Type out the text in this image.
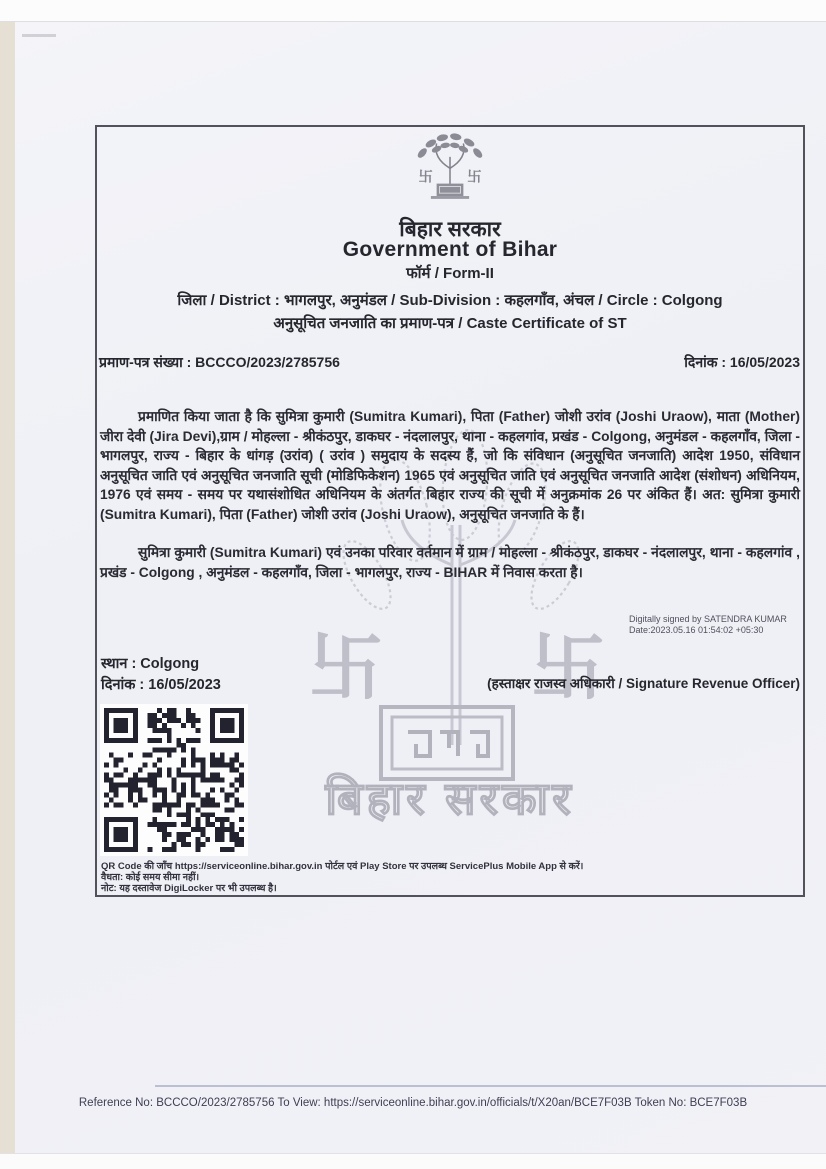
卐 卐
बिहार सरकार
Government of Bihar
फॉर्म / Form-II
जिला / District : भागलपुर, अनुमंडल / Sub-Division : कहलगाँव, अंचल / Circle : Colgong
अनुसूचित जनजाति का प्रमाण-पत्र / Caste Certificate of ST
प्रमाण-पत्र संख्या : BCCCO/2023/2785756	दिनांक : 16/05/2023
卐 卐
बिहार सरकार
प्रमाणित किया जाता है कि सुमित्रा कुमारी (Sumitra Kumari), पिता (Father) जोशी उरांव (Joshi Uraow), माता (Mother) जीरा देवी (Jira Devi),ग्राम / मोहल्ला - श्रीकंठपुर, डाकघर - नंदलालपुर, थाना - कहलगांव, प्रखंड - Colgong, अनुमंडल - कहलगाँव, जिला - भागलपुर, राज्य - बिहार के धांगड़ (उरांव) ( उरांव ) समुदाय के सदस्य हैं, जो कि संविधान (अनुसूचित जनजाति) आदेश 1950, संविधान अनुसूचित जाति एवं अनुसूचित जनजाति सूची (मोडिफिकेशन) 1965 एवं अनुसूचित जाति एवं अनुसूचित जनजाति आदेश (संशोधन) अधिनियम, 1976 एवं समय - समय पर यथासंशोधित अधिनियम के अंतर्गत बिहार राज्य की सूची में अनुक्रमांक 26 पर अंकित हैं। अत: सुमित्रा कुमारी (Sumitra Kumari), पिता (Father) जोशी उरांव (Joshi Uraow), अनुसूचित जनजाति के हैं।
सुमित्रा कुमारी (Sumitra Kumari) एवं उनका परिवार वर्तमान में ग्राम / मोहल्ला - श्रीकंठपुर, डाकघर - नंदलालपुर, थाना - कहलगांव , प्रखंड - Colgong , अनुमंडल - कहलगाँव, जिला - भागलपुर, राज्य - BIHAR में निवास करता है।
Digitally signed by SATENDRA KUMAR
Date:2023.05.16 01:54:02 +05:30
स्थान : Colgong
दिनांक : 16/05/2023	(हस्ताक्षर राजस्व अधिकारी / Signature Revenue Officer)
QR Code की जाँच https://serviceonline.bihar.gov.in पोर्टल एवं Play Store पर उपलब्ध ServicePlus Mobile App से करें।
वैधता: कोई समय सीमा नहीं।
नोट: यह दस्तावेज DigiLocker पर भी उपलब्ध है।
Reference No: BCCCO/2023/2785756 To View: https://serviceonline.bihar.gov.in/officials/t/X20an/BCE7F03B Token No: BCE7F03B
